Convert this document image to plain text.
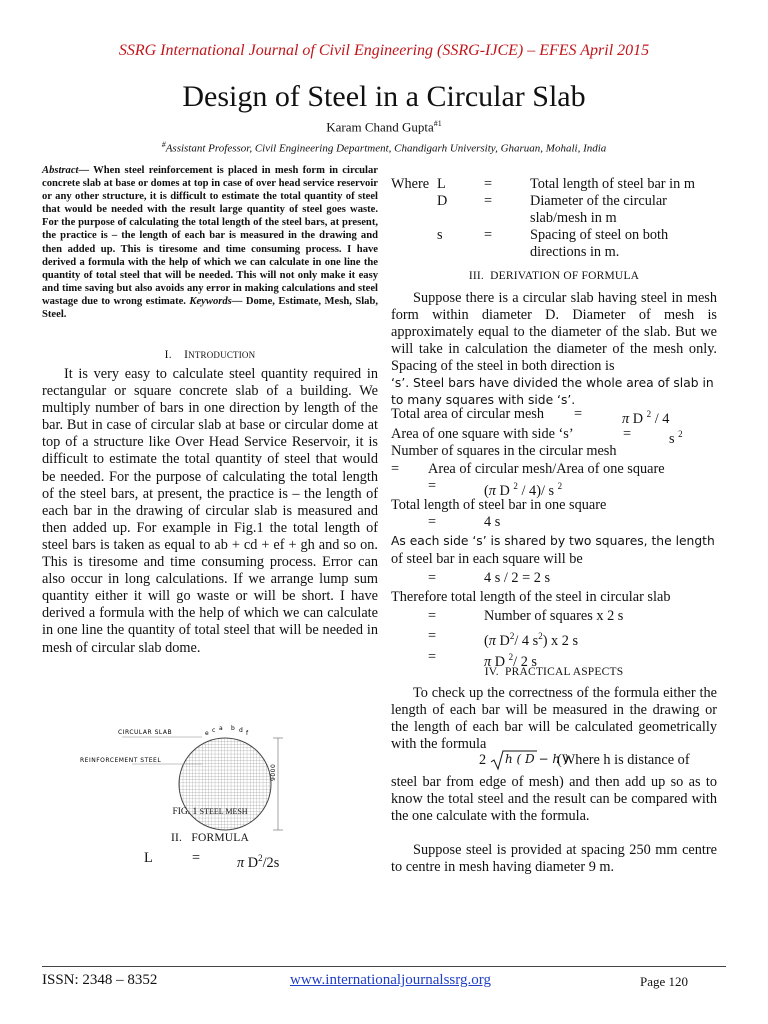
SSRG International Journal of Civil Engineering (SSRG-IJCE) – EFES April 2015
Design of Steel in a Circular Slab
Karam Chand Gupta$^{\#1}$
#Assistant Professor, Civil Engineering Department, Chandigarh University, Gharuan, Mohali, India
Abstract— When steel reinforcement is placed in mesh form in circular concrete slab at base or domes at top in case of over head service reservoir or any other structure, it is difficult to estimate the total quantity of steel that would be needed with the result large quantity of steel goes waste. For the purpose of calculating the total length of the steel bars, at present, the practice is – the length of each bar is measured in the drawing and then added up. This is tiresome and time consuming process. I have derived a formula with the help of which we can calculate in one line the quantity of total steel that will be needed. This will not only make it easy and time saving but also avoids any error in making calculations and steel wastage due to wrong estimate. Keywords— Dome, Estimate, Mesh, Slab, Steel.
I. INTRODUCTION
It is very easy to calculate steel quantity required in rectangular or square concrete slab of a building. We multiply number of bars in one direction by length of the bar. But in case of circular slab at base or circular dome at top of a structure like Over Head Service Reservoir, it is difficult to estimate the total quantity of steel that would be needed. For the purpose of calculating the total length of the steel bars, at present, the practice is – the length of each bar in the drawing of circular slab is measured and then added up. For example in Fig.1 the total length of steel bars is taken as equal to ab + cd + ef + gh and so on. This is tiresome and time consuming process. Error can also occur in long calculations. If we arrange lump sum quantity either it will go waste or will be short. I have derived a formula with the help of which we can calculate in one line the quantity of total steel that will be needed in mesh of circular slab dome.
CIRCULAR SLAB
REINFORCEMENT STEEL
9000
e c a b d f
FIG. 1 STEEL MESH
II. FORMULA
L	=	π $D^2/2s$
Where	L	=	Total length of steel bar in m
	D	=	Diameter of the circular slab/mesh in m
	s	=	Spacing of steel on both directions in m.
III. DERIVATION OF FORMULA
Suppose there is a circular slab having steel in mesh form within diameter D. Diameter of mesh is approximately equal to the diameter of the slab. But we will take in calculation the diameter of the mesh only. Spacing of the steel in both direction is
‘s’. Steel bars have divided the whole area of slab in to many squares with side ‘s’.
Total area of circular mesh =	π D $^2$ / 4
Area of one square with side ‘s’	=	s $^2$
Number of squares in the circular mesh
= Area of circular mesh/Area of one square
=	(π D $^2$ / 4)/ s $^2$
Total length of steel bar in one square
=	4 s
As each side ‘s’ is shared by two squares, the length
of steel bar in each square will be
=	4 s / 2 = 2 s
Therefore total length of the steel in circular slab
=	Number of squares x 2 s
=	(π $D^2/$ 4 $s^2$) x 2 s
=	π D $^2$/ 2 s
IV. PRACTICAL ASPECTS
To check up the correctness of the formula either the length of each bar will be measured in the drawing or the length of each bar will be calculated geometrically with the formula
2 h ( D − h )
(Where h is distance of
steel bar from edge of mesh) and then add up so as to know the total steel and the result can be compared with the one calculate with the formula.
Suppose steel is provided at spacing 250 mm centre to centre in mesh having diameter 9 m.
ISSN: 2348 – 8352	www.internationaljournalssrg.org	Page 120
